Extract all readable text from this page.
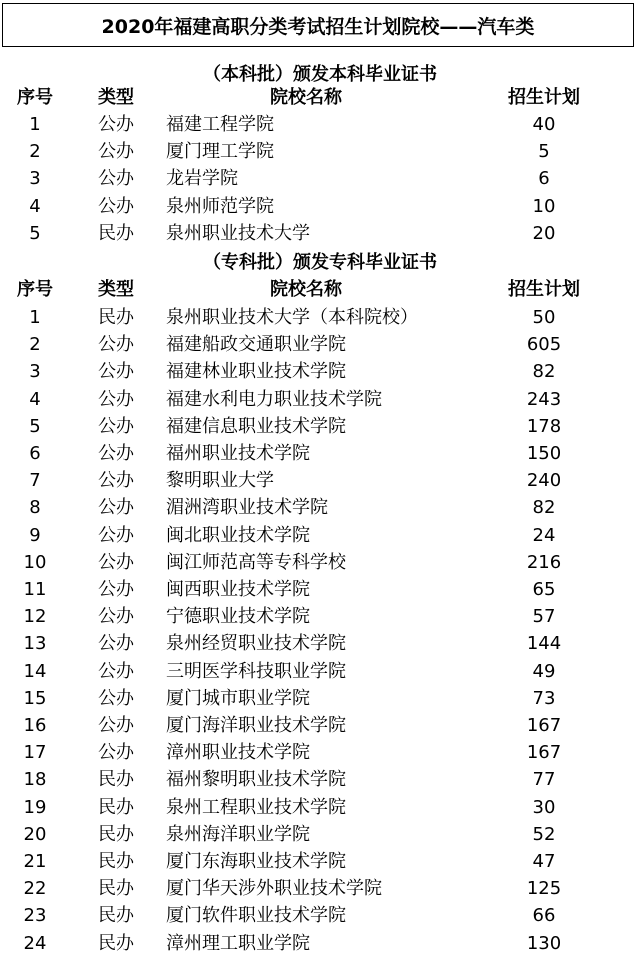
2020年福建高职分类考试招生计划院校——汽车类
（本科批）颁发本科毕业证书
序号	类型	院校名称	招生计划
1	公办	福建工程学院	40
2	公办	厦门理工学院	5
3	公办	龙岩学院	6
4	公办	泉州师范学院	10
5	民办	泉州职业技术大学	20
（专科批）颁发专科毕业证书
序号	类型	院校名称	招生计划
1	民办	泉州职业技术大学（本科院校）	50
2	公办	福建船政交通职业学院	605
3	公办	福建林业职业技术学院	82
4	公办	福建水利电力职业技术学院	243
5	公办	福建信息职业技术学院	178
6	公办	福州职业技术学院	150
7	公办	黎明职业大学	240
8	公办	湄洲湾职业技术学院	82
9	公办	闽北职业技术学院	24
10	公办	闽江师范高等专科学校	216
11	公办	闽西职业技术学院	65
12	公办	宁德职业技术学院	57
13	公办	泉州经贸职业技术学院	144
14	公办	三明医学科技职业学院	49
15	公办	厦门城市职业学院	73
16	公办	厦门海洋职业技术学院	167
17	公办	漳州职业技术学院	167
18	民办	福州黎明职业技术学院	77
19	民办	泉州工程职业技术学院	30
20	民办	泉州海洋职业学院	52
21	民办	厦门东海职业技术学院	47
22	民办	厦门华天涉外职业技术学院	125
23	民办	厦门软件职业技术学院	66
24	民办	漳州理工职业学院	130
